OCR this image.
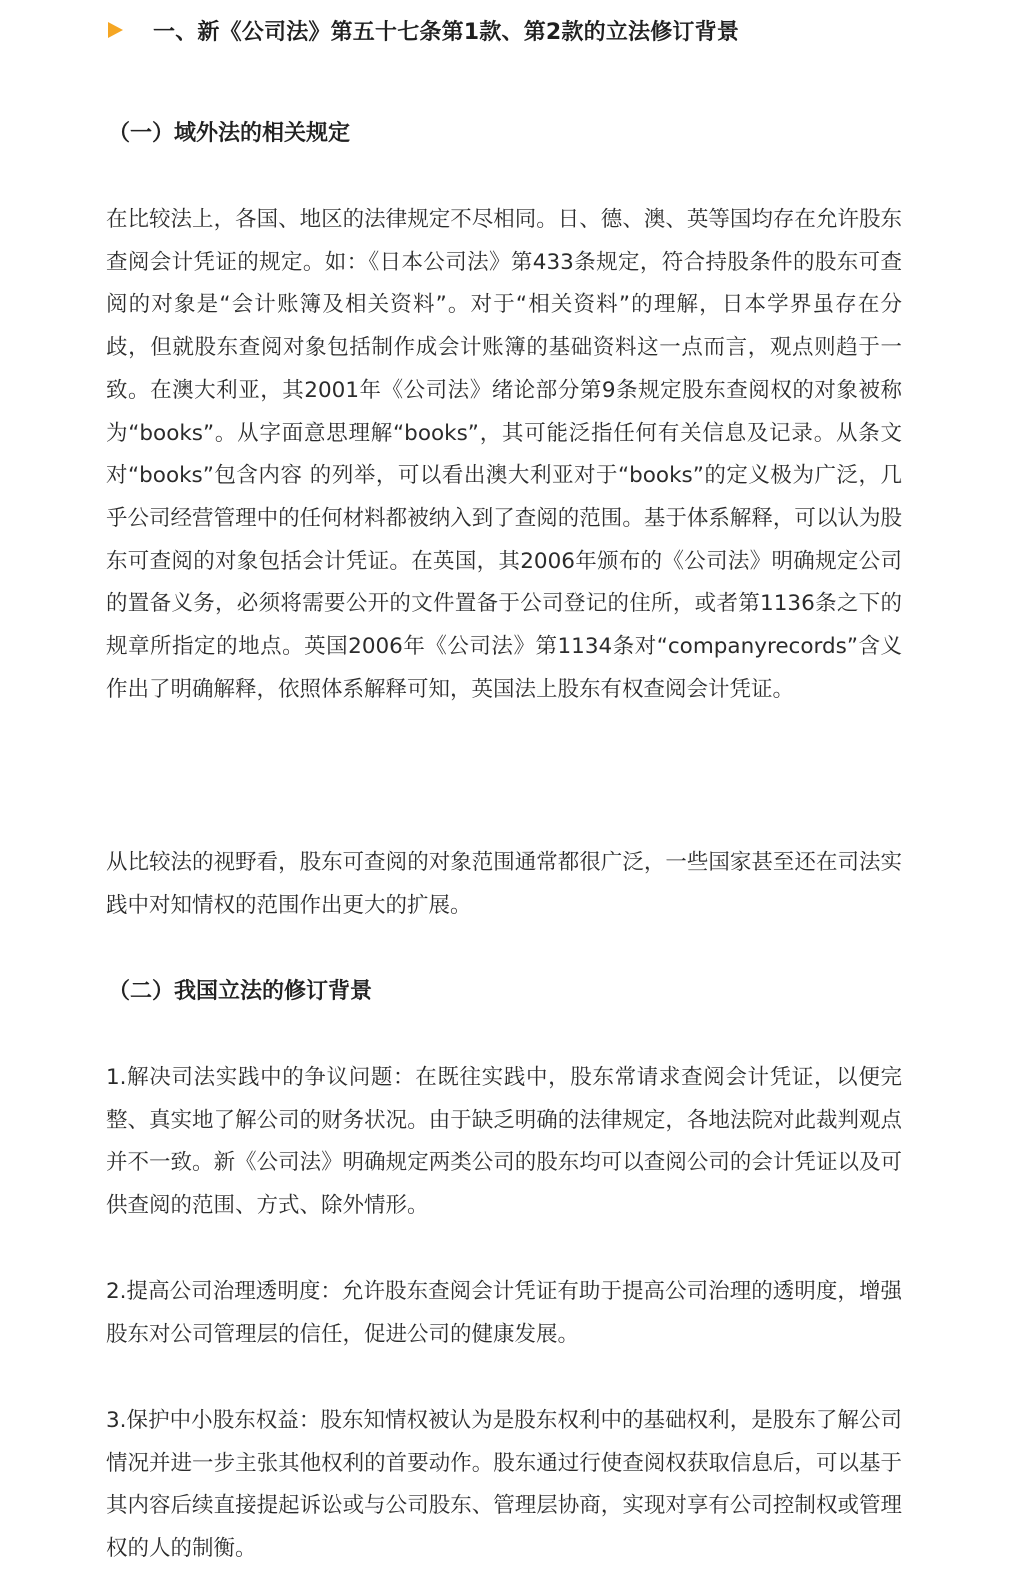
一、新《公司法》第五十七条第1款、第2款的立法修订背景
（一）域外法的相关规定

在比较法上，各国、地区的法律规定不尽相同。日、德、澳、英等国均存在允许股东查阅会计凭证的规定。如：《日本公司法》第433条规定，符合持股条件的股东可查阅的对象是“会计账簿及相关资料”。对于“相关资料”的理解，日本学界虽存在分歧，但就股东查阅对象包括制作成会计账簿的基础资料这一点而言，观点则趋于一致。在澳大利亚，其2001年《公司法》绪论部分第9条规定股东查阅权的对象被称为“books”。从字面意思理解“books”，其可能泛指任何有关信息及记录。从条文对“books”包含内容 的列举，可以看出澳大利亚对于“books”的定义极为广泛，几乎公司经营管理中的任何材料都被纳入到了查阅的范围。基于体系解释，可以认为股东可查阅的对象包括会计凭证。在英国，其2006年颁布的《公司法》明确规定公司的置备义务，必须将需要公开的文件置备于公司登记的住所，或者第1136条之下的规章所指定的地点。英国2006年《公司法》第1134条对“companyrecords”含义作出了明确解释，依照体系解释可知，英国法上股东有权查阅会计凭证。

从比较法的视野看，股东可查阅的对象范围通常都很广泛，一些国家甚至还在司法实践中对知情权的范围作出更大的扩展。

（二）我国立法的修订背景

1.解决司法实践中的争议问题：在既往实践中，股东常请求查阅会计凭证，以便完整、真实地了解公司的财务状况。由于缺乏明确的法律规定，各地法院对此裁判观点并不一致。新《公司法》明确规定两类公司的股东均可以查阅公司的会计凭证以及可供查阅的范围、方式、除外情形。

2.提高公司治理透明度：允许股东查阅会计凭证有助于提高公司治理的透明度，增强股东对公司管理层的信任，促进公司的健康发展。

3.保护中小股东权益：股东知情权被认为是股东权利中的基础权利，是股东了解公司情况并进一步主张其他权利的首要动作。股东通过行使查阅权获取信息后，可以基于其内容后续直接提起诉讼或与公司股东、管理层协商，实现对享有公司控制权或管理权的人的制衡。
